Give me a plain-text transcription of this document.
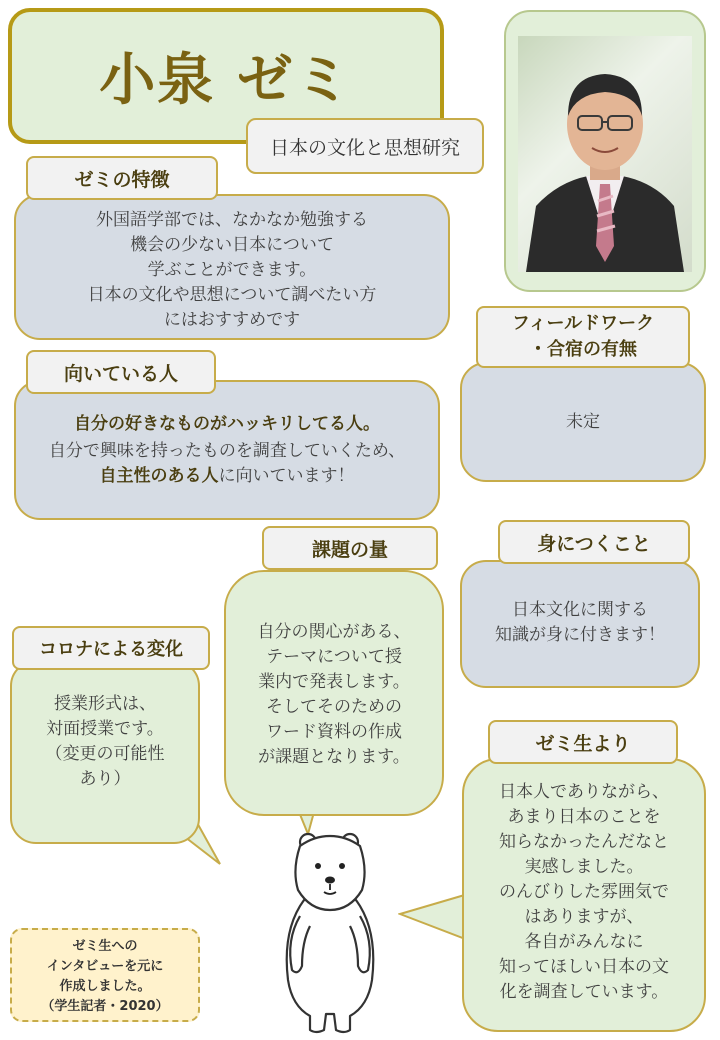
小泉 ゼミ
日本の文化と思想研究
外国語学部では、なかなか勉強する
機会の少ない日本について
学ぶことができます。
日本の文化や思想について調べたい方
にはおすすめです
ゼミの特徴
自分の好きなものがハッキリしてる人。
自分で興味を持ったものを調査していくため、
自主性のある人に向いています！
向いている人
未定
フィールドワーク
・合宿の有無
自分の関心がある、
テーマについて授
業内で発表します。
そしてそのための
ワード資料の作成
が課題となります。
課題の量
日本文化に関する
知識が身に付きます！
身につくこと
授業形式は、
対面授業です。
（変更の可能性
あり）
コロナによる変化
日本人でありながら、
あまり日本のことを
知らなかったんだなと
実感しました。
のんびりした雰囲気で
はありますが、
各自がみんなに
知ってほしい日本の文
化を調査しています。
ゼミ生より
ゼミ生への
インタビューを元に
作成しました。
（学生記者・2020）
